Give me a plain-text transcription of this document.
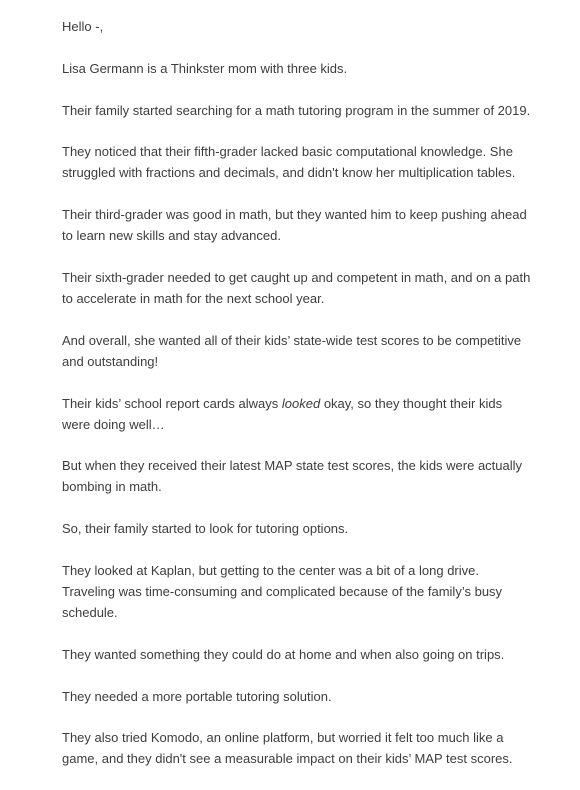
Hello -,

Lisa Germann is a Thinkster mom with three kids.

Their family started searching for a math tutoring program in the summer of 2019.

They noticed that their fifth-grader lacked basic computational knowledge. She struggled with fractions and decimals, and didn't know her multiplication tables.

Their third-grader was good in math, but they wanted him to keep pushing ahead to learn new skills and stay advanced.

Their sixth-grader needed to get caught up and competent in math, and on a path to accelerate in math for the next school year.

And overall, she wanted all of their kids’ state-wide test scores to be competitive and outstanding!

Their kids’ school report cards always looked okay, so they thought their kids were doing well…

But when they received their latest MAP state test scores, the kids were actually bombing in math.

So, their family started to look for tutoring options.

They looked at Kaplan, but getting to the center was a bit of a long drive. Traveling was time-consuming and complicated because of the family’s busy schedule.

They wanted something they could do at home and when also going on trips.

They needed a more portable tutoring solution.

They also tried Komodo, an online platform, but worried it felt too much like a game, and they didn't see a measurable impact on their kids’ MAP test scores.
